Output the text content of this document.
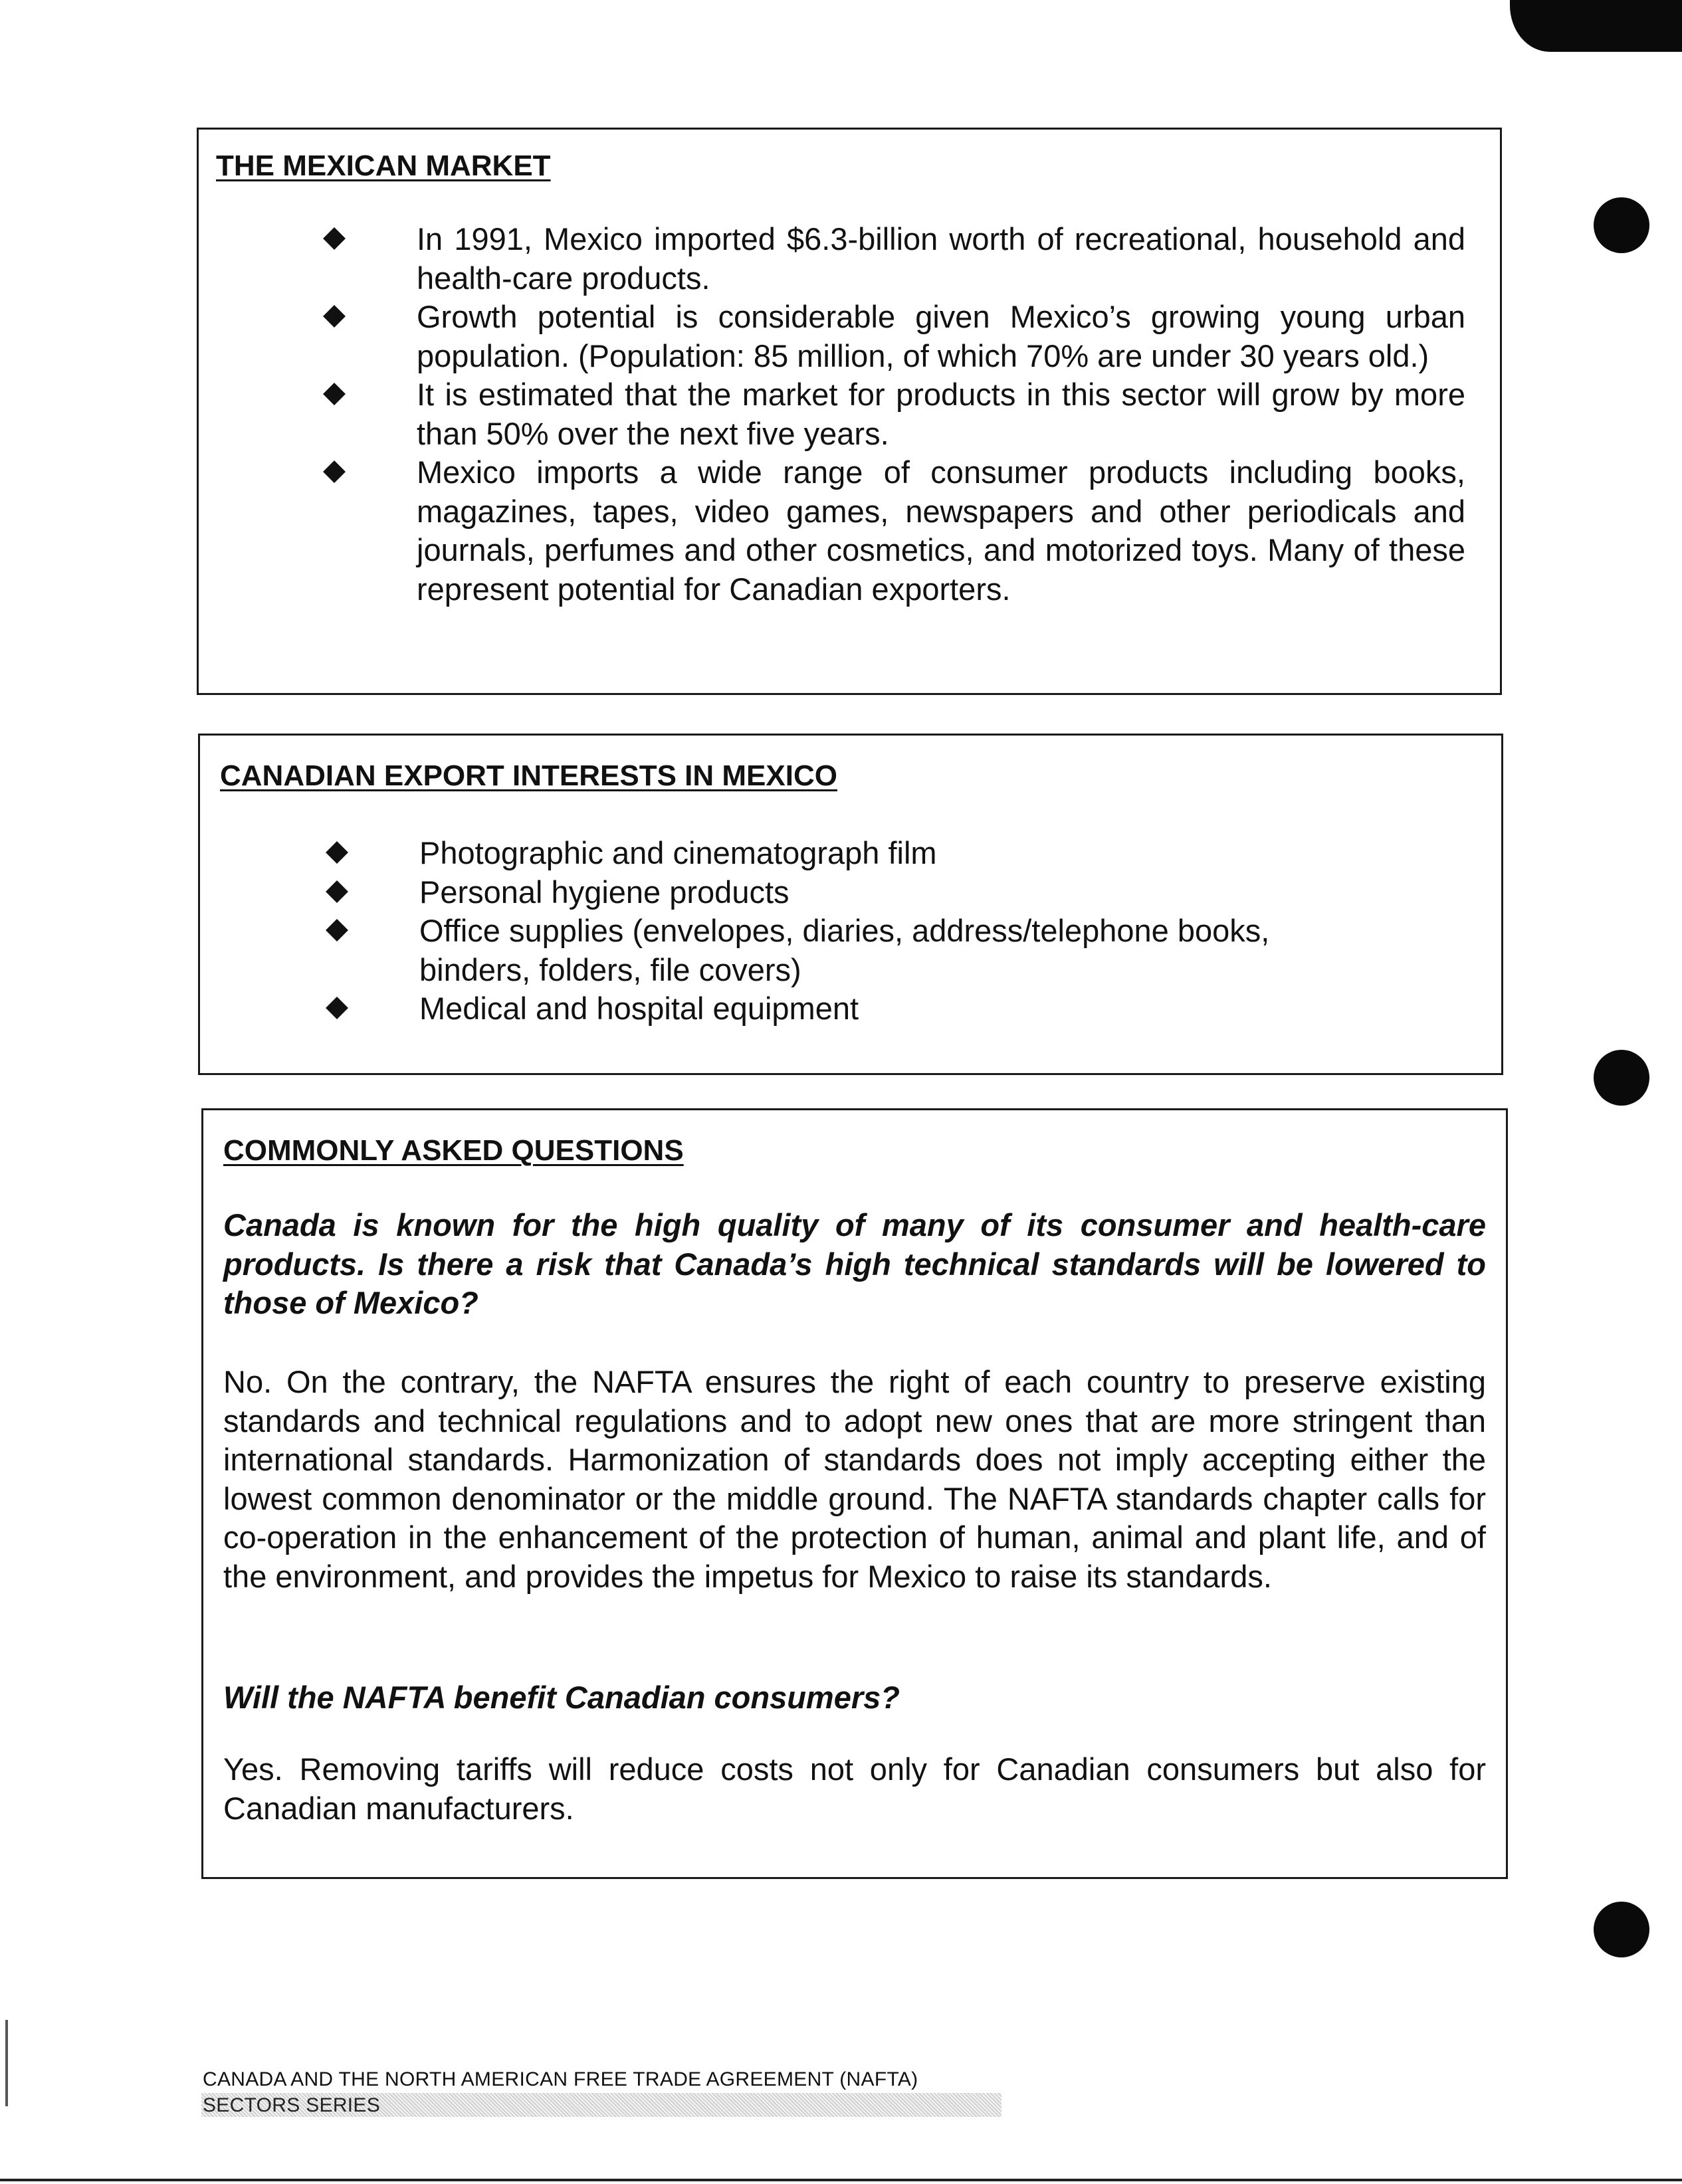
THE MEXICAN MARKET
In 1991, Mexico imported $6.3-billion worth of recreational, household and health-care products.
Growth potential is considerable given Mexico’s growing young urban population. (Population: 85 million, of which 70% are under 30 years old.)
It is estimated that the market for products in this sector will grow by more than 50% over the next five years.
Mexico imports a wide range of consumer products including books, magazines, tapes, video games, newspapers and other periodicals and journals, perfumes and other cosmetics, and motorized toys. Many of these represent potential for Canadian exporters.
CANADIAN EXPORT INTERESTS IN MEXICO
Photographic and cinematograph film
Personal hygiene products
Office supplies (envelopes, diaries, address/telephone books, binders, folders, file covers)
Medical and hospital equipment
COMMONLY ASKED QUESTIONS

Canada is known for the high quality of many of its consumer and health-care products. Is there a risk that Canada’s high technical standards will be lowered to those of Mexico?

No. On the contrary, the NAFTA ensures the right of each country to preserve existing standards and technical regulations and to adopt new ones that are more stringent than international standards. Harmonization of standards does not imply accepting either the lowest common denominator or the middle ground. The NAFTA standards chapter calls for co-operation in the enhancement of the protection of human, animal and plant life, and of the environment, and provides the impetus for Mexico to raise its standards.

Will the NAFTA benefit Canadian consumers?

Yes. Removing tariffs will reduce costs not only for Canadian consumers but also for Canadian manufacturers.

CANADA AND THE NORTH AMERICAN FREE TRADE AGREEMENT (NAFTA)
SECTORS SERIES
